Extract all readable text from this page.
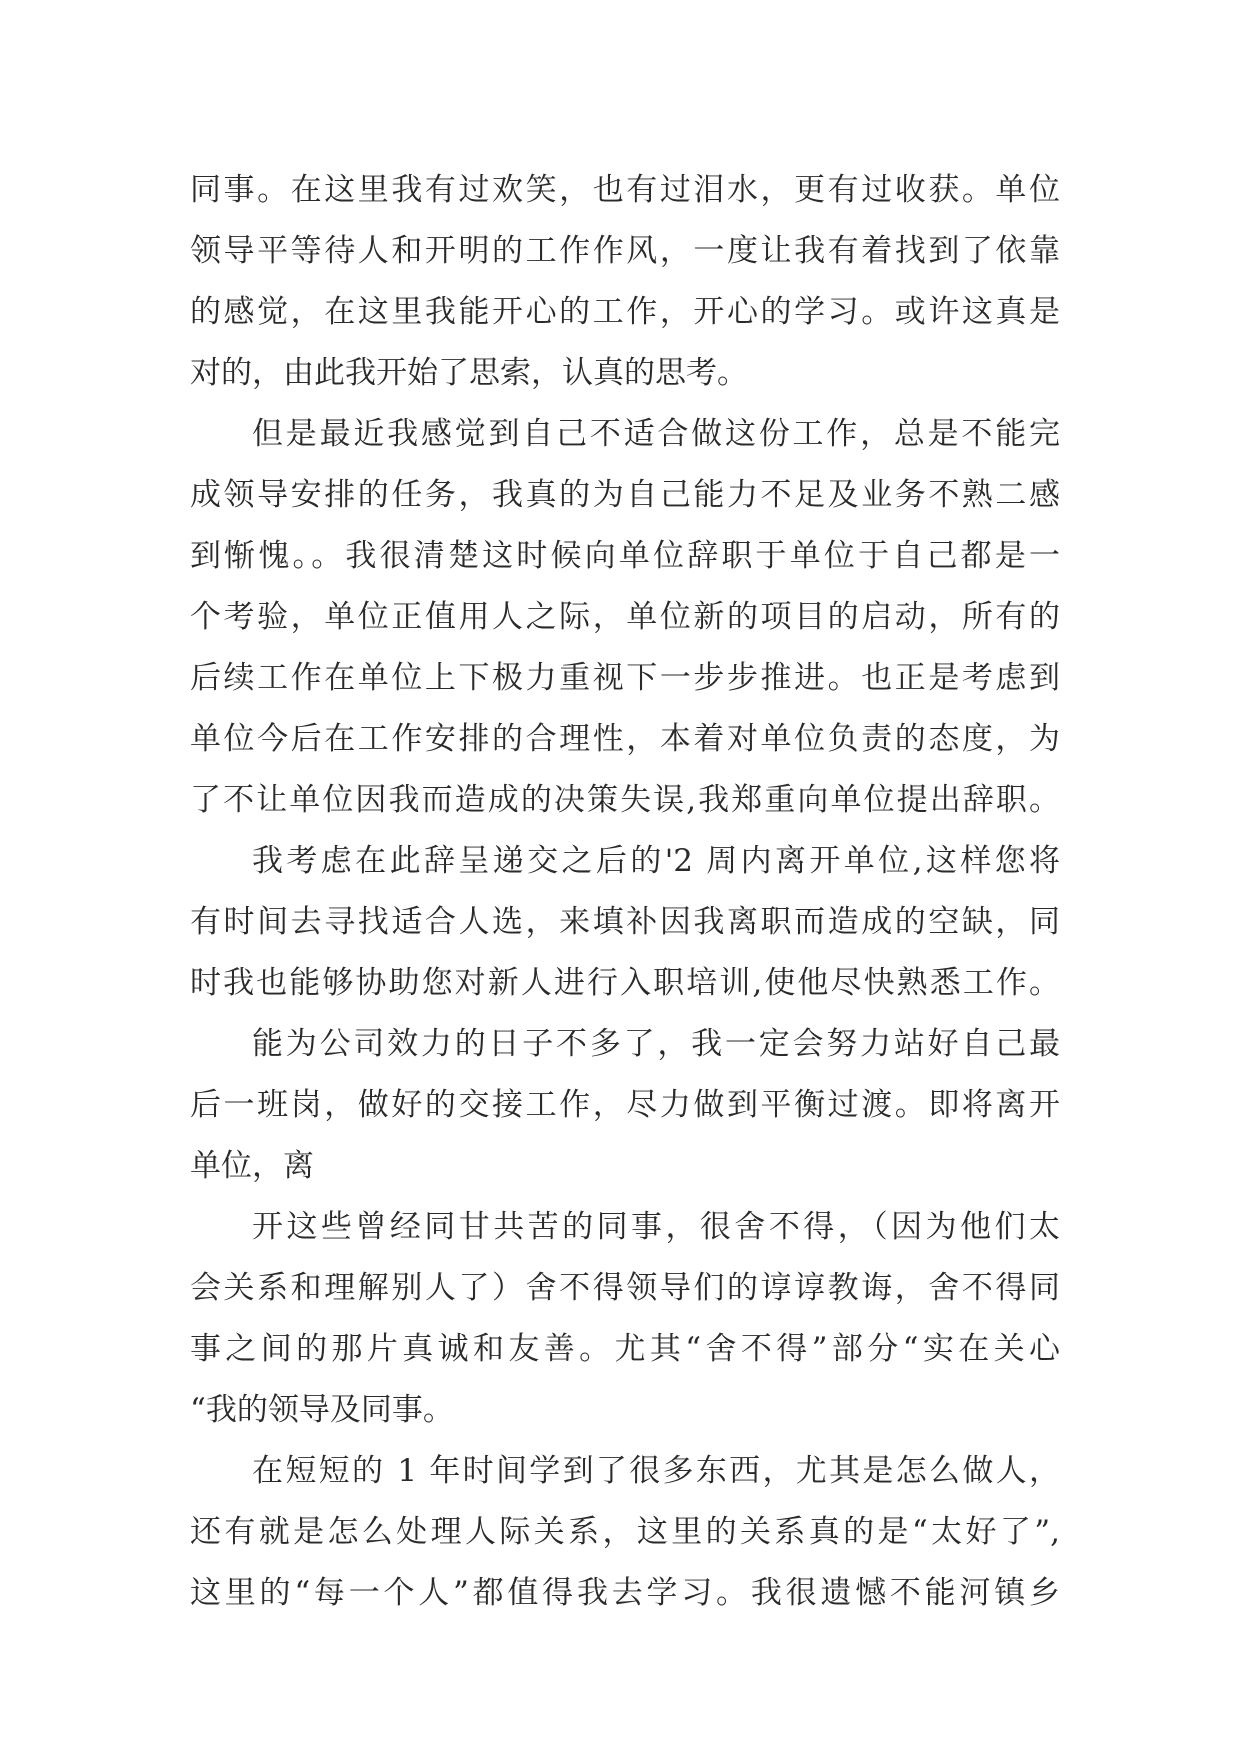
同事。在这里我有过欢笑，也有过泪水，更有过收获。单位
领导平等待人和开明的工作作风，一度让我有着找到了依靠
的感觉，在这里我能开心的工作，开心的学习。或许这真是
对的，由此我开始了思索，认真的思考。
但是最近我感觉到自己不适合做这份工作，总是不能完
成领导安排的任务，我真的为自己能力不足及业务不熟二感
到惭愧。。我很清楚这时候向单位辞职于单位于自己都是一
个考验，单位正值用人之际，单位新的项目的启动，所有的
后续工作在单位上下极力重视下一步步推进。也正是考虑到
单位今后在工作安排的合理性，本着对单位负责的态度，为
了不让单位因我而造成的决策失误,我郑重向单位提出辞职。
我考虑在此辞呈递交之后的'2 周内离开单位,这样您将
有时间去寻找适合人选，来填补因我离职而造成的空缺，同
时我也能够协助您对新人进行入职培训,使他尽快熟悉工作。
能为公司效力的日子不多了，我一定会努力站好自己最
后一班岗，做好的交接工作，尽力做到平衡过渡。即将离开
单位，离
开这些曾经同甘共苦的同事，很舍不得，（因为他们太
会关系和理解别人了）舍不得领导们的谆谆教诲，舍不得同
事之间的那片真诚和友善。尤其“舍不得”部分“实在关心
“我的领导及同事。
在短短的 1 年时间学到了很多东西，尤其是怎么做人，
还有就是怎么处理人际关系，这里的关系真的是“太好了”,
这里的“每一个人”都值得我去学习。我很遗憾不能河镇乡
